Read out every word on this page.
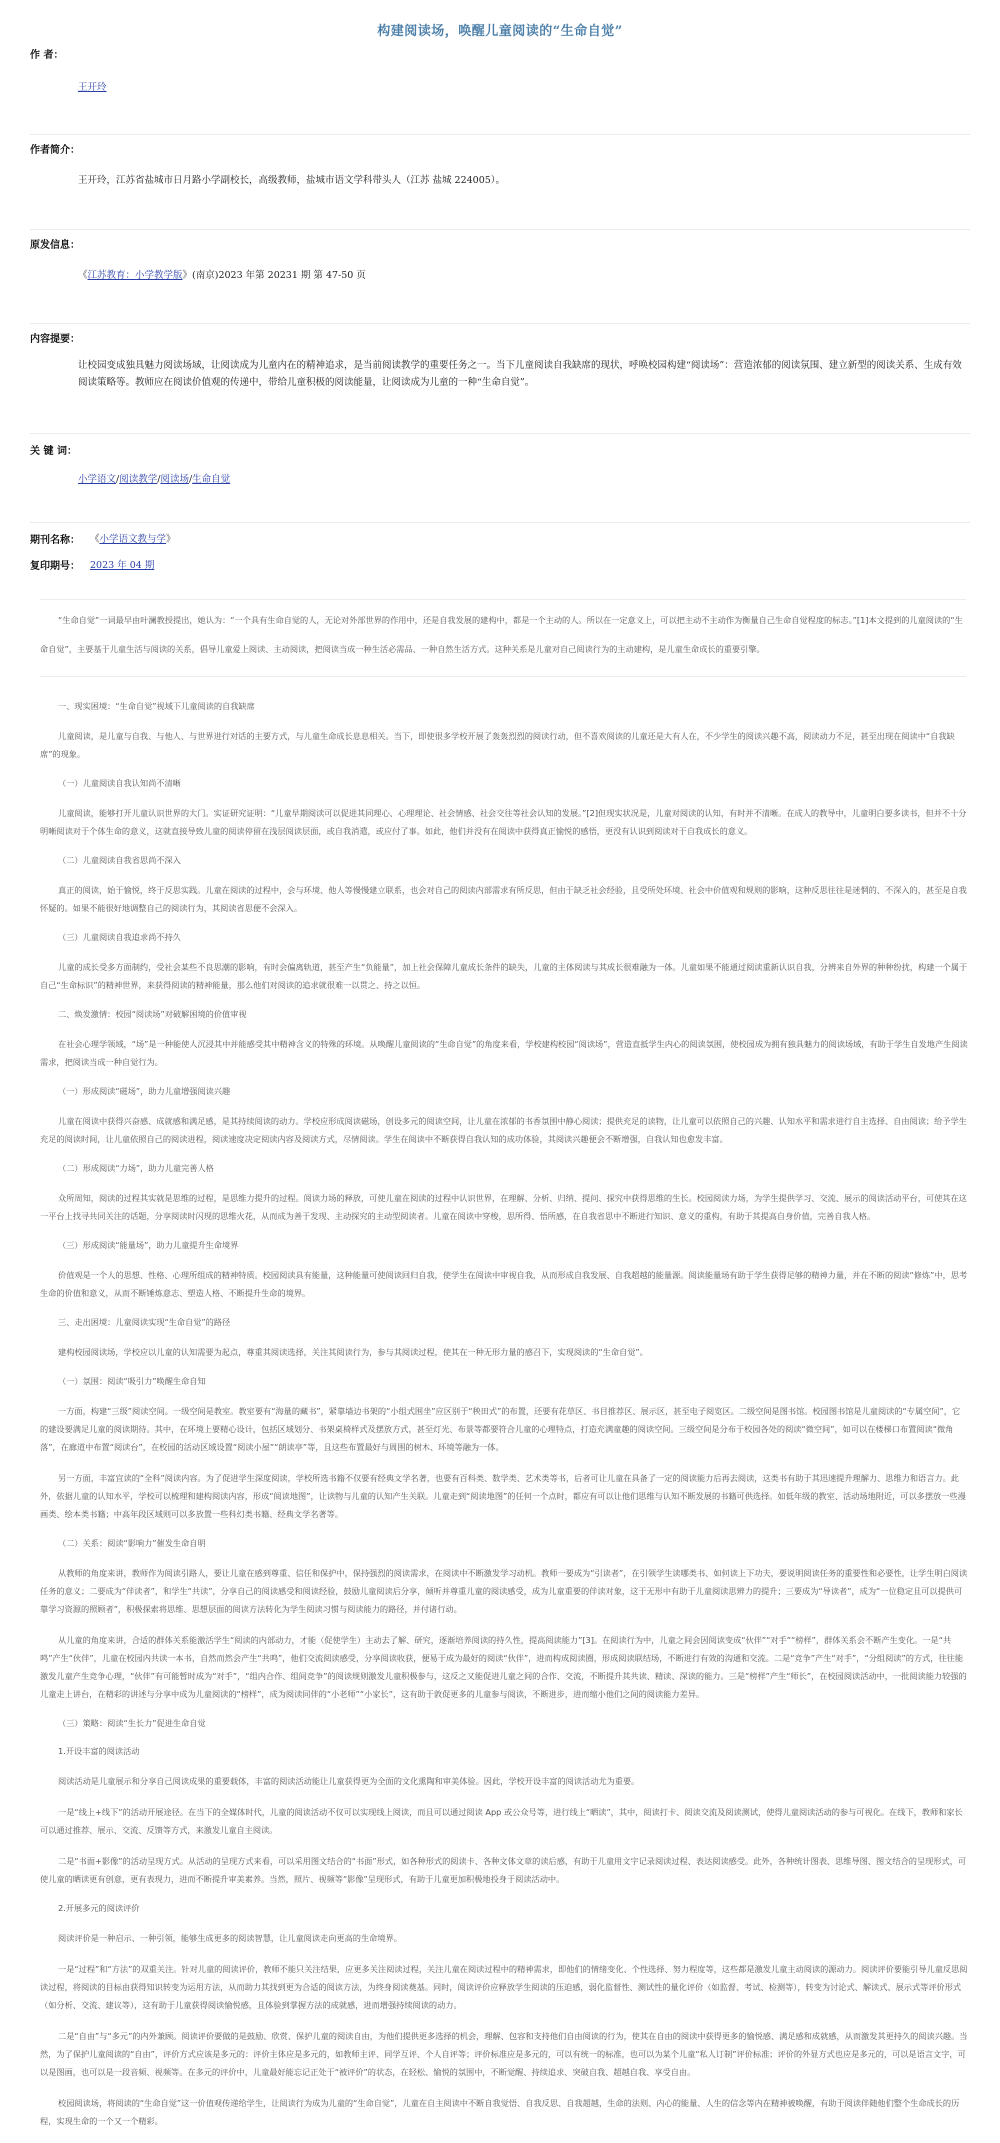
构建阅读场，唤醒儿童阅读的“生命自觉”
作 者：
王开玲
作者简介：
王开玲，江苏省盐城市日月路小学副校长，高级教师，盐城市语文学科带头人（江苏 盐城 224005）。
原发信息：
《江苏教育：小学教学版》(南京)2023 年第 20231 期 第 47-50 页
内容提要：
让校园变成独具魅力阅读场域，让阅读成为儿童内在的精神追求，是当前阅读教学的重要任务之一。当下儿童阅读自我缺席的现状，呼唤校园构建“阅读场”：营造浓郁的阅读氛围、建立新型的阅读关系、生成有效阅读策略等。教师应在阅读价值观的传递中，带给儿童积极的阅读能量，让阅读成为儿童的一种“生命自觉”。
关 键 词：
小学语文/阅读教学/阅读场/生命自觉
期刊名称： 《小学语文教与学》
复印期号： 2023 年 04 期

“生命自觉”一词最早由叶澜教授提出，她认为：“一个具有生命自觉的人，无论对外部世界的作用中，还是自我发展的建构中，都是一个主动的人。所以在一定意义上，可以把主动不主动作为衡量自己生命自觉程度的标志。”[1]本文提到的儿童阅读的“生命自觉”，主要基于儿童生活与阅读的关系，倡导儿童爱上阅读、主动阅读，把阅读当成一种生活必需品、一种自然生活方式。这种关系是儿童对自己阅读行为的主动建构，是儿童生命成长的重要引擎。

一、现实困境：“生命自觉”视域下儿童阅读的自我缺席

儿童阅读，是儿童与自我、与他人、与世界进行对话的主要方式，与儿童生命成长息息相关。当下，即使很多学校开展了轰轰烈烈的阅读行动，但不喜欢阅读的儿童还是大有人在，不少学生的阅读兴趣不高，阅读动力不足，甚至出现在阅读中“自我缺席”的现象。

（一）儿童阅读自我认知尚不清晰

儿童阅读，能够打开儿童认识世界的大门。实证研究证明：“儿童早期阅读可以促进其同理心、心理理论、社会情感、社会交往等社会认知的发展。”[2]但现实状况是，儿童对阅读的认知，有时并不清晰。在成人的教导中，儿童明白要多读书，但并不十分明晰阅读对于个体生命的意义，这就直接导致儿童的阅读停留在浅层阅读层面，或自我消遣，或应付了事。如此，他们并没有在阅读中获得真正愉悦的感悟，更没有认识到阅读对于自我成长的意义。

（二）儿童阅读自我省思尚不深入

真正的阅读，始于愉悦，终于反思实践。儿童在阅读的过程中，会与环境、他人等慢慢建立联系，也会对自己的阅读内部需求有所反思，但由于缺乏社会经验，且受所处环境、社会中价值观和规则的影响，这种反思往往是迷惘的、不深入的，甚至是自我怀疑的。如果不能很好地调整自己的阅读行为，其阅读省思便不会深入。

（三）儿童阅读自我追求尚不持久

儿童的成长受多方面制约，受社会某些不良思潮的影响，有时会偏离轨道，甚至产生“负能量”，加上社会保障儿童成长条件的缺失，儿童的主体阅读与其成长很难融为一体。儿童如果不能通过阅读重新认识自我，分辨来自外界的种种纷扰，构建一个属于自己“生命标识”的精神世界，来获得阅读的精神能量，那么他们对阅读的追求就很难一以贯之、持之以恒。

二、焕发激情：校园“阅读场”对破解困境的价值审视

在社会心理学领域，“场”是一种能使人沉浸其中并能感受其中精神含义的特殊的环境。从唤醒儿童阅读的“生命自觉”的角度来看，学校建构校园“阅读场”，营造直抵学生内心的阅读氛围，使校园成为拥有独具魅力的阅读场域，有助于学生自发地产生阅读需求，把阅读当成一种自觉行为。

（一）形成阅读“磁场”，助力儿童增强阅读兴趣

儿童在阅读中获得兴奋感、成就感和满足感，是其持续阅读的动力。学校应形成阅读磁场，创设多元的阅读空间，让儿童在浓郁的书香氛围中静心阅读；提供充足的读物，让儿童可以依照自己的兴趣、认知水平和需求进行自主选择、自由阅读；给予学生充足的阅读时间，让儿童依照自己的阅读进程，阅读速度决定阅读内容及阅读方式，尽情阅读。学生在阅读中不断获得自我认知的成功体验，其阅读兴趣便会不断增强，自我认知也愈发丰富。

（二）形成阅读“力场”，助力儿童完善人格

众所周知，阅读的过程其实就是思维的过程，是思维力提升的过程。阅读力场的释放，可使儿童在阅读的过程中认识世界，在理解、分析、归纳、提问、探究中获得思维的生长。校园阅读力场，为学生提供学习、交流、展示的阅读活动平台，可使其在这一平台上找寻共同关注的话题，分享阅读时闪现的思维火花，从而成为善于发现、主动探究的主动型阅读者。儿童在阅读中穿梭，思所得、悟所感，在自我省思中不断进行知识、意义的重构，有助于其提高自身价值，完善自我人格。

（三）形成阅读“能量场”，助力儿童提升生命境界

价值观是一个人的思想、性格、心理所组成的精神特质。校园阅读具有能量，这种能量可使阅读回归自我，使学生在阅读中审视自我，从而形成自我发展、自我超越的能量源。阅读能量场有助于学生获得足够的精神力量，并在不断的阅读“修炼”中，思考生命的价值和意义，从而不断锤炼意志、塑造人格、不断提升生命的境界。

三、走出困境：儿童阅读实现“生命自觉”的路径

建构校园阅读场，学校应以儿童的认知需要为起点，尊重其阅读选择，关注其阅读行为，参与其阅读过程，使其在一种无形力量的感召下，实现阅读的“生命自觉”。

（一）氛围：阅读“吸引力”唤醒生命自知

一方面，构建“三级”阅读空间。一级空间是教室。教室要有“海量的藏书”，紧靠墙边书架的“小组式围坐”应区别于“秧田式”的布置，还要有花草区、书目推荐区、展示区，甚至电子阅览区。二级空间是图书馆。校园图书馆是儿童阅读的“专属空间”，它的建设要满足儿童的阅读期待。其中，在环境上要精心设计，包括区域划分、书架桌椅样式及摆放方式，甚至灯光、布景等都要符合儿童的心理特点，打造充满童趣的阅读空间。三级空间是分布于校园各处的阅读“微空间”，如可以在楼梯口布置阅读“微角落”，在廊道中布置“阅读台”，在校园的活动区域设置“阅读小屋”“朗读亭”等，且这些布置最好与周围的树木、环境等融为一体。

另一方面，丰富宜读的“全科”阅读内容。为了促进学生深度阅读，学校所选书籍不仅要有经典文学名著，也要有百科类、数学类、艺术类等书，后者可让儿童在具备了一定的阅读能力后再去阅读，这类书有助于其迅速提升理解力、思维力和语言力。此外，依据儿童的认知水平，学校可以梳理和建构阅读内容，形成“阅读地图”，让读物与儿童的认知产生关联。儿童走到“阅读地图”的任何一个点时，都应有可以让他们思维与认知不断发展的书籍可供选择。如低年级的教室、活动场地附近，可以多摆放一些漫画类、绘本类书籍；中高年段区域则可以多放置一些科幻类书籍、经典文学名著等。

（二）关系：阅读“影响力”催发生命自明

从教师的角度来讲，教师作为阅读引路人，要让儿童在感到尊重、信任和保护中，保持强烈的阅读需求，在阅读中不断激发学习动机。教师一要成为“引读者”，在引领学生读哪类书、如何读上下功夫，要说明阅读任务的重要性和必要性，让学生明白阅读任务的意义；二要成为“伴读者”，和学生“共读”，分享自己的阅读感受和阅读经验，鼓励儿童阅读后分享，倾听并尊重儿童的阅读感受，成为儿童重要的伴读对象，这于无形中有助于儿童阅读思辨力的提升；三要成为“导读者”，成为“一位稳定且可以提供可靠学习资源的照顾者”，积极探索将思维、思想层面的阅读方法转化为学生阅读习惯与阅读能力的路径，并付诸行动。

从儿童的角度来讲，合适的群体关系能激活学生“阅读的内部动力，才能（促使学生）主动去了解、研究，逐渐培养阅读的持久性，提高阅读能力”[3]。在阅读行为中，儿童之间会因阅读变成“伙伴”“对手”“榜样”，群体关系会不断产生变化。一是“共鸣”产生“伙伴”，儿童在校园内共读一本书，自然而然会产生“共鸣”，他们交流阅读感受，分享阅读收获，便易于成为最好的阅读“伙伴”，进而构成阅读圈，形成阅读联结场，不断进行有效的沟通和交流。二是“竞争”产生“对手”，“分组阅读”的方式，往往能激发儿童产生竞争心理，“伙伴”有可能暂时成为“对手”，“组内合作、组间竞争”的阅读规则激发儿童积极参与，这反之又能促进儿童之间的合作、交流，不断提升其共读、精读、深读的能力。三是“榜样”产生“师长”，在校园阅读活动中，一批阅读能力较强的儿童走上讲台，在精彩的讲述与分享中成为儿童阅读的“榜样”，成为阅读同伴的“小老师”“小家长”，这有助于敦促更多的儿童参与阅读，不断进步，进而缩小他们之间的阅读能力差异。

（三）策略：阅读“生长力”促进生命自觉
1.开设丰富的阅读活动

阅读活动是儿童展示和分享自己阅读成果的重要载体，丰富的阅读活动能让儿童获得更为全面的文化熏陶和审美体验。因此，学校开设丰富的阅读活动尤为重要。

一是“线上+线下”的活动开展途径。在当下的全媒体时代，儿童的阅读活动不仅可以实现线上阅读，而且可以通过阅读 App 或公众号等，进行线上“晒读”，其中，阅读打卡、阅读交流及阅读测试，使得儿童阅读活动的参与可视化。在线下，教师和家长可以通过推荐、展示、交流、反馈等方式，来激发儿童自主阅读。

二是“书面+影像”的活动呈现方式。从活动的呈现方式来看，可以采用图文结合的“书面”形式，如各种形式的阅读卡、各种文体文章的读后感，有助于儿童用文字记录阅读过程、表达阅读感受。此外，各种统计图表、思维导图、图文结合的呈现形式，可使儿童的晒读更有创意，更有表现力，进而不断提升审美素养。当然，照片、视频等“影像”呈现形式，有助于儿童更加积极地投身于阅读活动中。

2.开展多元的阅读评价

阅读评价是一种启示、一种引领，能够生成更多的阅读智慧，让儿童阅读走向更高的生命境界。

一是“过程”和“方法”的双重关注。针对儿童的阅读评价，教师不能只关注结果，应更多关注阅读过程，关注儿童在阅读过程中的精神需求，即他们的情绪变化、个性选择、努力程度等，这些都是激发儿童主动阅读的源动力。阅读评价要能引导儿童反思阅读过程，将阅读的目标由获得知识转变为运用方法，从而助力其找到更为合适的阅读方法，为终身阅读奠基。同时，阅读评价应释放学生阅读的压迫感，弱化监督性、测试性的量化评价（如监督、考试、检测等），转变为讨论式、解读式、展示式等评价形式（如分析、交流、建议等），这有助于儿童获得阅读愉悦感，且体验到掌握方法的成就感，进而增强持续阅读的动力。

二是“自由”与“多元”的内外兼顾。阅读评价要做的是鼓励、欣赏、保护儿童的阅读自由，为他们提供更多选择的机会，理解、包容和支持他们自由阅读的行为，使其在自由的阅读中获得更多的愉悦感、满足感和成就感，从而激发其更持久的阅读兴趣。当然，为了保护儿童阅读的“自由”，评价方式应该是多元的：评价主体应是多元的，如教师主评、同学互评、个人自评等；评价标准应是多元的，可以有统一的标准，也可以为某个儿童“私人订制”评价标准；评价的外显方式也应是多元的，可以是语言文字，可以是图画，也可以是一段音频、视频等。在多元的评价中，儿童最好能忘记正处于“被评价”的状态，在轻松、愉悦的氛围中，不断觉醒、持续追求、突破自我、超越自我、享受自由。

校园阅读场，将阅读的“生命自觉”这一价值观传递给学生，让阅读行为成为儿童的“生命自觉”，儿童在自主阅读中不断自我觉悟、自我反思、自我超越，生命的法则、内心的能量、人生的信念等内在精神被唤醒，有助于阅读伴随他们整个生命成长的历程，实现生命的一个又一个精彩。
